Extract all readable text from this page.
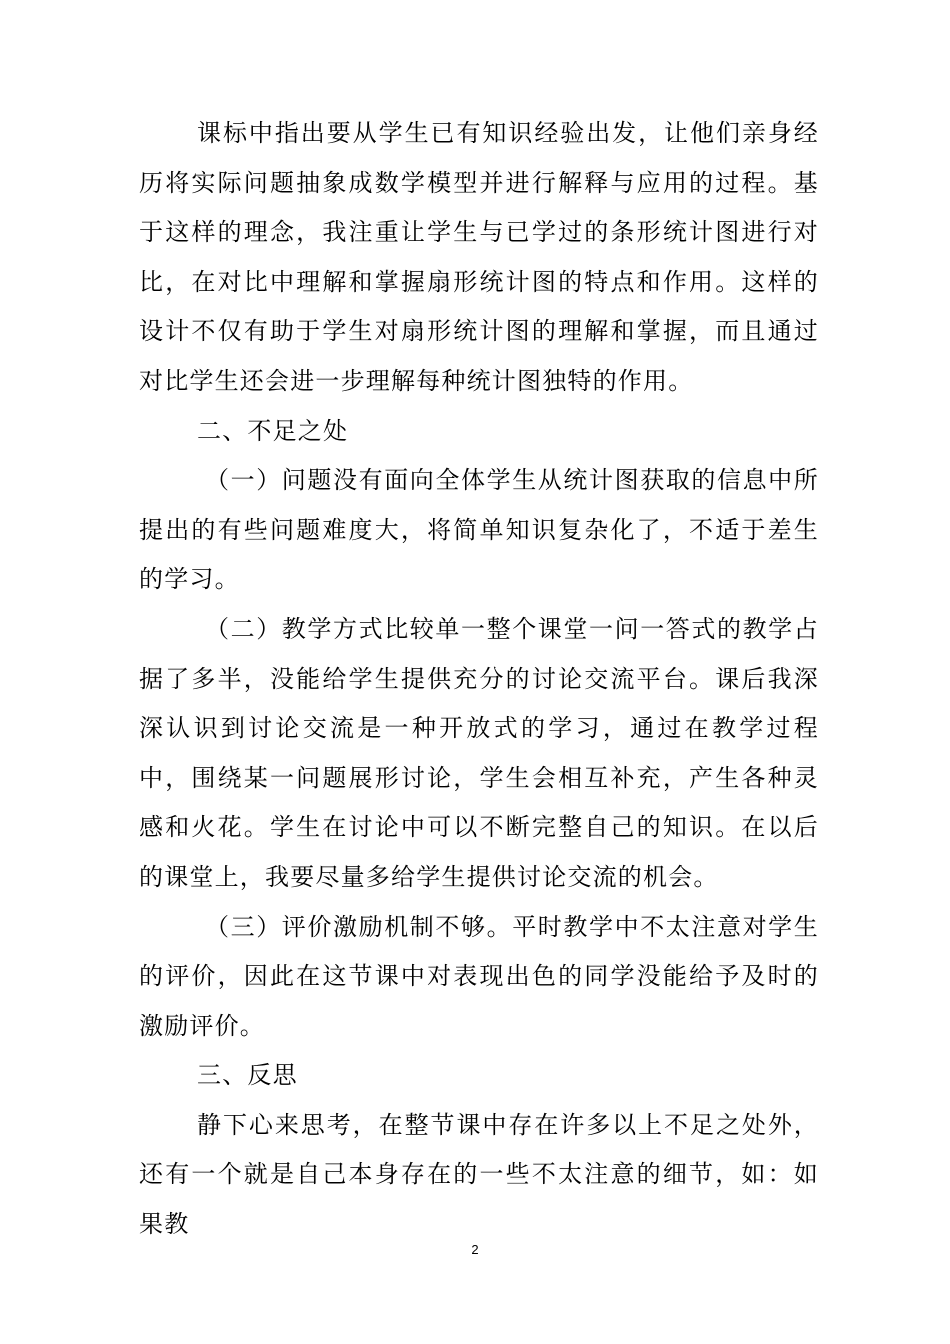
课标中指出要从学生已有知识经验出发，让他们亲身经历将实际问题抽象成数学模型并进行解释与应用的过程。基于这样的理念，我注重让学生与已学过的条形统计图进行对比，在对比中理解和掌握扇形统计图的特点和作用。这样的设计不仅有助于学生对扇形统计图的理解和掌握，而且通过对比学生还会进一步理解每种统计图独特的作用。

二、不足之处

（一）问题没有面向全体学生从统计图获取的信息中所提出的有些问题难度大，将简单知识复杂化了，不适于差生的学习。

（二）教学方式比较单一整个课堂一问一答式的教学占据了多半，没能给学生提供充分的讨论交流平台。课后我深深认识到讨论交流是一种开放式的学习，通过在教学过程中，围绕某一问题展形讨论，学生会相互补充，产生各种灵感和火花。学生在讨论中可以不断完整自己的知识。在以后的课堂上，我要尽量多给学生提供讨论交流的机会。

（三）评价激励机制不够。平时教学中不太注意对学生的评价，因此在这节课中对表现出色的同学没能给予及时的激励评价。

三、反思

静下心来思考，在整节课中存在许多以上不足之处外，还有一个就是自己本身存在的一些不太注意的细节，如：如果教

2
